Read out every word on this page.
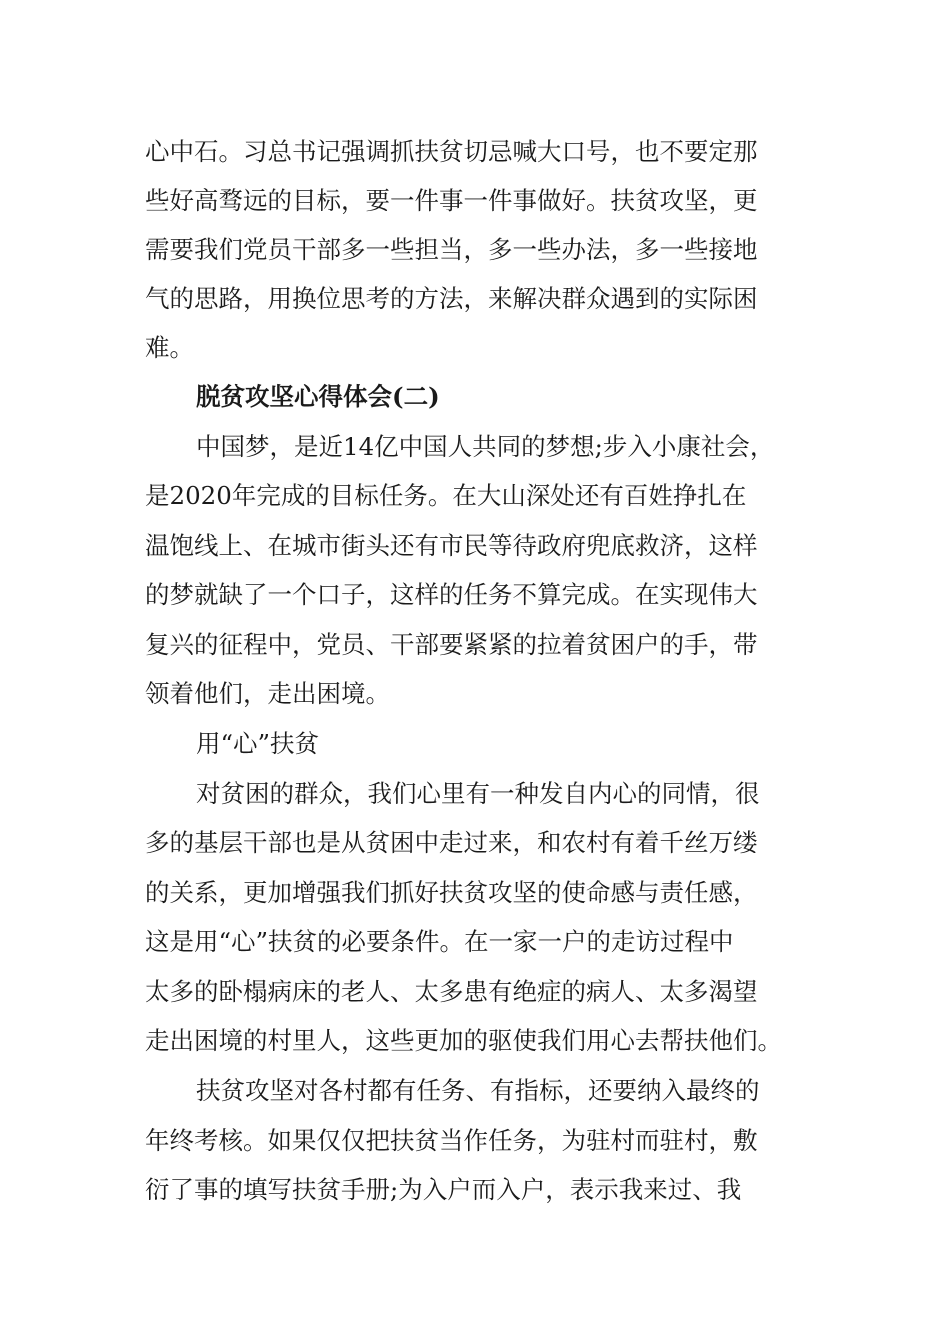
心中石。习总书记强调抓扶贫切忌喊大口号，也不要定那
些好高骛远的目标，要一件事一件事做好。扶贫攻坚，更
需要我们党员干部多一些担当，多一些办法，多一些接地
气的思路，用换位思考的方法，来解决群众遇到的实际困
难。
脱贫攻坚心得体会(二)
中国梦，是近14亿中国人共同的梦想;步入小康社会，
是2020年完成的目标任务。在大山深处还有百姓挣扎在
温饱线上、在城市街头还有市民等待政府兜底救济，这样
的梦就缺了一个口子，这样的任务不算完成。在实现伟大
复兴的征程中，党员、干部要紧紧的拉着贫困户的手，带
领着他们，走出困境。
用“心”扶贫
对贫困的群众，我们心里有一种发自内心的同情，很
多的基层干部也是从贫困中走过来，和农村有着千丝万缕
的关系，更加增强我们抓好扶贫攻坚的使命感与责任感，
这是用“心”扶贫的必要条件。在一家一户的走访过程中
太多的卧榻病床的老人、太多患有绝症的病人、太多渴望
走出困境的村里人，这些更加的驱使我们用心去帮扶他们。
扶贫攻坚对各村都有任务、有指标，还要纳入最终的
年终考核。如果仅仅把扶贫当作任务，为驻村而驻村，敷
衍了事的填写扶贫手册;为入户而入户，表示我来过、我
